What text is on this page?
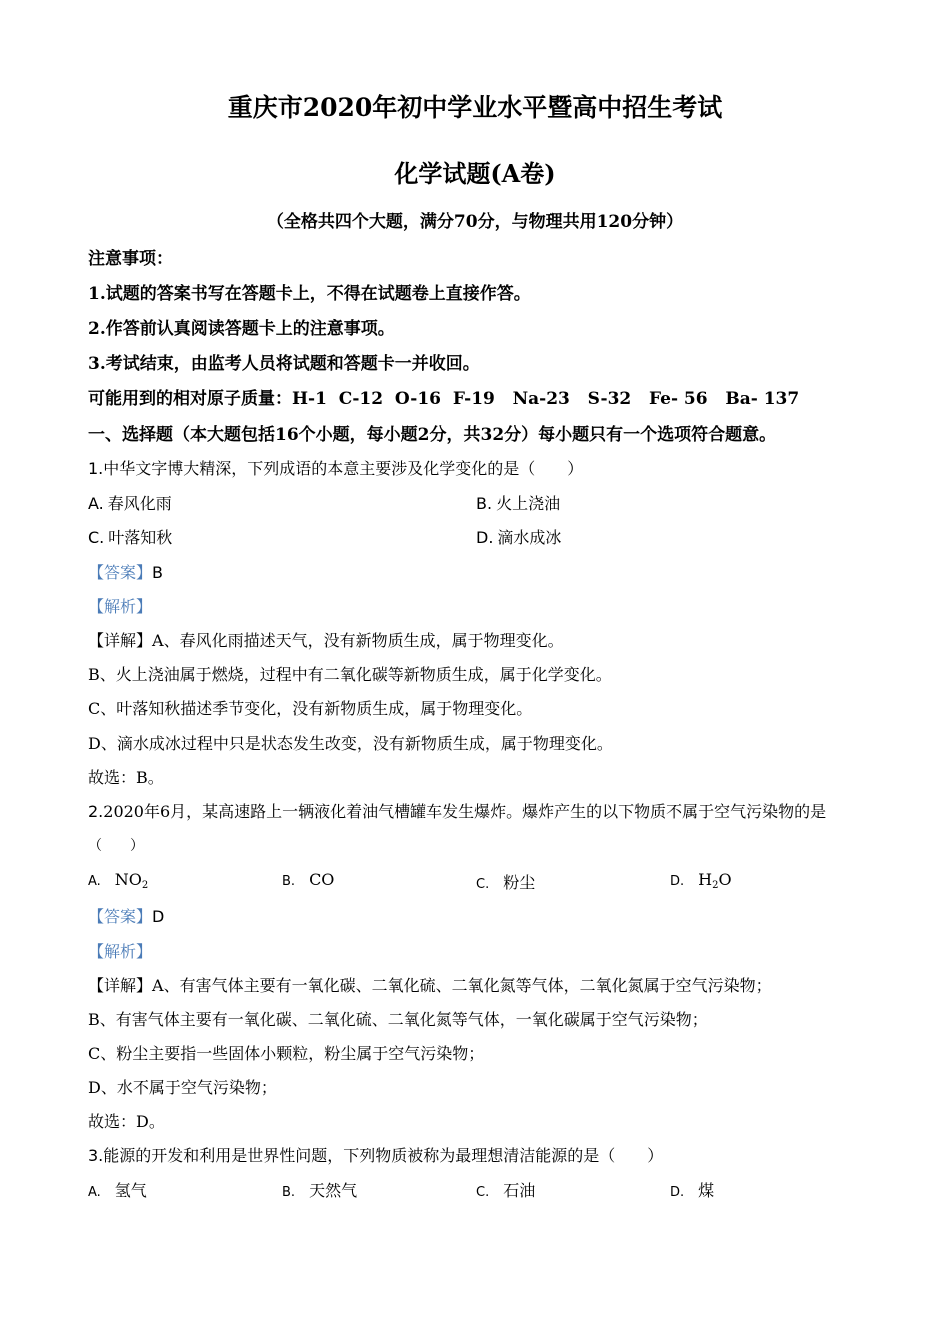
重庆市2020年初中学业水平暨高中招生考试
化学试题(A卷)
（全格共四个大题，满分70分，与物理共用120分钟）
注意事项：
1.试题的答案书写在答题卡上，不得在试题卷上直接作答。
2.作答前认真阅读答题卡上的注意事项。
3.考试结束，由监考人员将试题和答题卡一并收回。
可能用到的相对原子质量：H-1  C-12  O-16  F-19   Na-23   S-32   Fe- 56   Ba- 137
一、选择题（本大题包括16个小题，每小题2分，共32分）每小题只有一个选项符合题意。
1.中华文字博大精深，下列成语的本意主要涉及化学变化的是（　　）
A. 春风化雨	B. 火上浇油
C. 叶落知秋	D. 滴水成冰
【答案】B
【解析】
【详解】A、春风化雨描述天气，没有新物质生成，属于物理变化。
B、火上浇油属于燃烧，过程中有二氧化碳等新物质生成，属于化学变化。
C、叶落知秋描述季节变化，没有新物质生成，属于物理变化。
D、滴水成冰过程中只是状态发生改变，没有新物质生成，属于物理变化。
故选：B。
2.2020年6月，某高速路上一辆液化着油气槽罐车发生爆炸。爆炸产生的以下物质不属于空气污染物的是
（　　）
A. $NO_2$	B. CO	C. 粉尘	D. $H_2O$
【答案】D
【解析】
【详解】A、有害气体主要有一氧化碳、二氧化硫、二氧化氮等气体，二氧化氮属于空气污染物；
B、有害气体主要有一氧化碳、二氧化硫、二氧化氮等气体，一氧化碳属于空气污染物；
C、粉尘主要指一些固体小颗粒，粉尘属于空气污染物；
D、水不属于空气污染物；
故选：D。
3.能源的开发和利用是世界性问题，下列物质被称为最理想清洁能源的是（　　）
A. 氢气	B. 天然气	C. 石油	D. 煤
